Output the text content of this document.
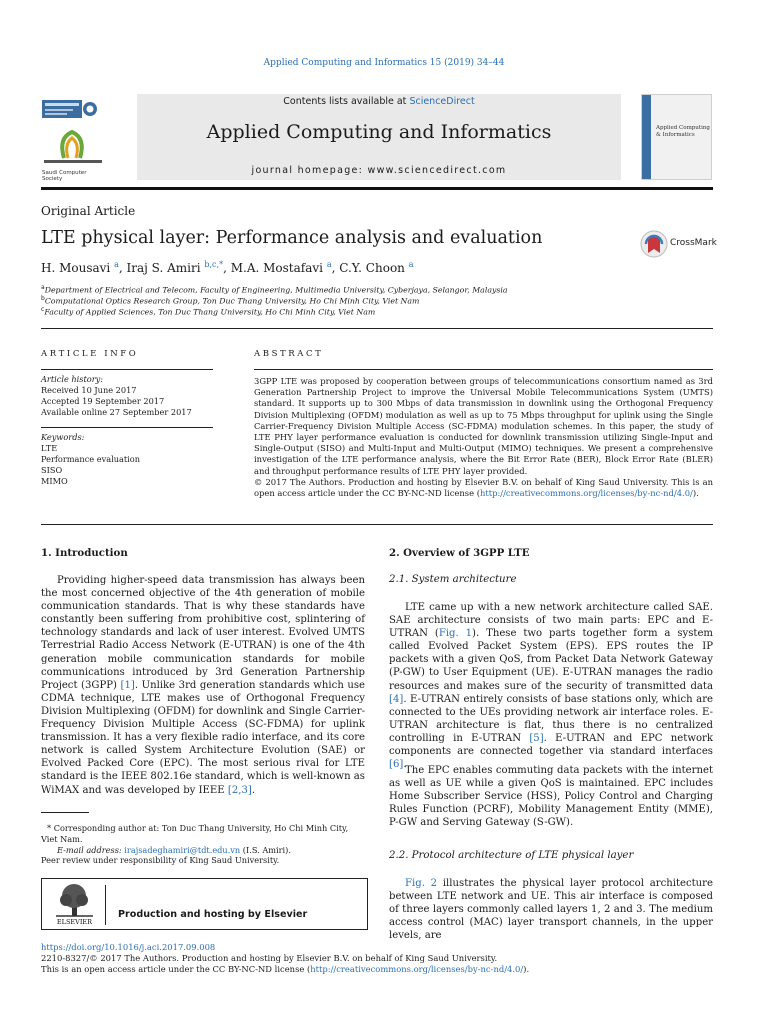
Applied Computing and Informatics 15 (2019) 34–44
Saudi Computer Society
Contents lists available at ScienceDirect
Applied Computing and Informatics
journal homepage: www.sciencedirect.com
Applied Computing & Informatics
Original Article
LTE physical layer: Performance analysis and evaluation	CrossMark
H. Mousavi $^a$, Iraj S. Amiri $^{b,c,*}$, M.A. Mostafavi $^a$, C.Y. Choon $^a$
$^a$Department of Electrical and Telecom, Faculty of Engineering, Multimedia University, Cyberjaya, Selangor, Malaysia
$^b$Computational Optics Research Group, Ton Duc Thang University, Ho Chi Minh City, Viet Nam
$^c$Faculty of Applied Sciences, Ton Duc Thang University, Ho Chi Minh City, Viet Nam
ARTICLE INFO
Article history:
Received 10 June 2017
Accepted 19 September 2017
Available online 27 September 2017
Keywords:
LTE
Performance evaluation
SISO
MIMO
ABSTRACT
3GPP LTE was proposed by cooperation between groups of telecommunications consortium named as 3rd Generation Partnership Project to improve the Universal Mobile Telecommunications System (UMTS) standard. It supports up to 300 Mbps of data transmission in downlink using the Orthogonal Frequency Division Multiplexing (OFDM) modulation as well as up to 75 Mbps throughput for uplink using the Single Carrier-Frequency Division Multiple Access (SC-FDMA) modulation schemes. In this paper, the study of LTE PHY layer performance evaluation is conducted for downlink transmission utilizing Single-Input and Single-Output (SISO) and Multi-Input and Multi-Output (MIMO) techniques. We present a comprehensive investigation of the LTE performance analysis, where the Bit Error Rate (BER), Block Error Rate (BLER) and throughput performance results of LTE PHY layer provided.
© 2017 The Authors. Production and hosting by Elsevier B.V. on behalf of King Saud University. This is an open access article under the CC BY-NC-ND license (http://creativecommons.org/licenses/by-nc-nd/4.0/).
1. Introduction
Providing higher-speed data transmission has always been the most concerned objective of the 4th generation of mobile communication standards. That is why these standards have constantly been suffering from prohibitive cost, splintering of technology standards and lack of user interest. Evolved UMTS Terrestrial Radio Access Network (E-UTRAN) is one of the 4th generation mobile communication standards for mobile communications introduced by 3rd Generation Partnership Project (3GPP) [1]. Unlike 3rd generation standards which use CDMA technique, LTE makes use of Orthogonal Frequency Division Multiplexing (OFDM) for downlink and Single Carrier-Frequency Division Multiple Access (SC-FDMA) for uplink transmission. It has a very flexible radio interface, and its core network is called System Architecture Evolution (SAE) or Evolved Packed Core (EPC). The most serious rival for LTE standard is the IEEE 802.16e standard, which is well-known as WiMAX and was developed by IEEE [2,3].
* Corresponding author at: Ton Duc Thang University, Ho Chi Minh City, Viet Nam.
E-mail address: irajsadeghamiri@tdt.edu.vn (I.S. Amiri).
Peer review under responsibility of King Saud University.
ELSEVIER
Production and hosting by Elsevier
2. Overview of 3GPP LTE
2.1. System architecture
LTE came up with a new network architecture called SAE. SAE architecture consists of two main parts: EPC and E-UTRAN (Fig. 1). These two parts together form a system called Evolved Packet System (EPS). EPS routes the IP packets with a given QoS, from Packet Data Network Gateway (P-GW) to User Equipment (UE). E-UTRAN manages the radio resources and makes sure of the security of transmitted data [4]. E-UTRAN entirely consists of base stations only, which are connected to the UEs providing network air interface roles. E-UTRAN architecture is flat, thus there is no centralized controlling in E-UTRAN [5]. E-UTRAN and EPC network components are connected together via standard interfaces [6].
The EPC enables commuting data packets with the internet as well as UE while a given QoS is maintained. EPC includes Home Subscriber Service (HSS), Policy Control and Charging Rules Function (PCRF), Mobility Management Entity (MME), P-GW and Serving Gateway (S-GW).
2.2. Protocol architecture of LTE physical layer
Fig. 2 illustrates the physical layer protocol architecture between LTE network and UE. This air interface is composed of three layers commonly called layers 1, 2 and 3. The medium access control (MAC) layer transport channels, in the upper levels, are
https://doi.org/10.1016/j.aci.2017.09.008
2210-8327/© 2017 The Authors. Production and hosting by Elsevier B.V. on behalf of King Saud University.
This is an open access article under the CC BY-NC-ND license (http://creativecommons.org/licenses/by-nc-nd/4.0/).
